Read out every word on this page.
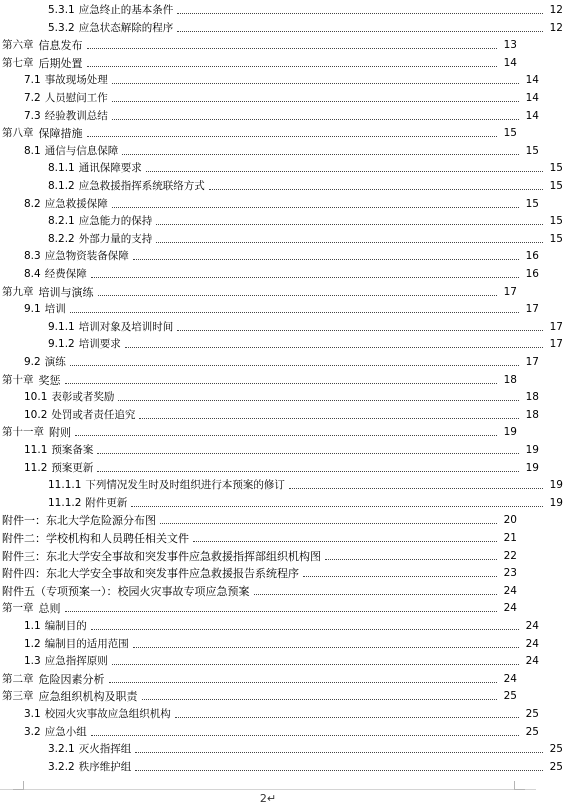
5.3.1 应急终止的基本条件	12
5.3.2 应急状态解除的程序	12
第六章 信息发布	13
第七章 后期处置	14
7.1 事故现场处理	14
7.2 人员慰问工作	14
7.3 经验教训总结	14
第八章 保障措施	15
8.1 通信与信息保障	15
8.1.1 通讯保障要求	15
8.1.2 应急救援指挥系统联络方式	15
8.2 应急救援保障	15
8.2.1 应急能力的保持	15
8.2.2 外部力量的支持	15
8.3 应急物资装备保障	16
8.4 经费保障	16
第九章 培训与演练	17
9.1 培训	17
9.1.1 培训对象及培训时间	17
9.1.2 培训要求	17
9.2 演练	17
第十章 奖惩	18
10.1 表彰或者奖励	18
10.2 处罚或者责任追究	18
第十一章 附则	19
11.1 预案备案	19
11.2 预案更新	19
11.1.1 下列情况发生时及时组织进行本预案的修订	19
11.1.2 附件更新	19
附件一：东北大学危险源分布图	20
附件二：学校机构和人员聘任相关文件	21
附件三：东北大学安全事故和突发事件应急救援指挥部组织机构图	22
附件四：东北大学安全事故和突发事件应急救援报告系统程序	23
附件五（专项预案一）：校园火灾事故专项应急预案	24
第一章 总则	24
1.1 编制目的	24
1.2 编制目的适用范围	24
1.3 应急指挥原则	24
第二章 危险因素分析	24
第三章 应急组织机构及职责	25
3.1 校园火灾事故应急组织机构	25
3.2 应急小组	25
3.2.1 灭火指挥组	25
3.2.2 秩序维护组	25
2↵
